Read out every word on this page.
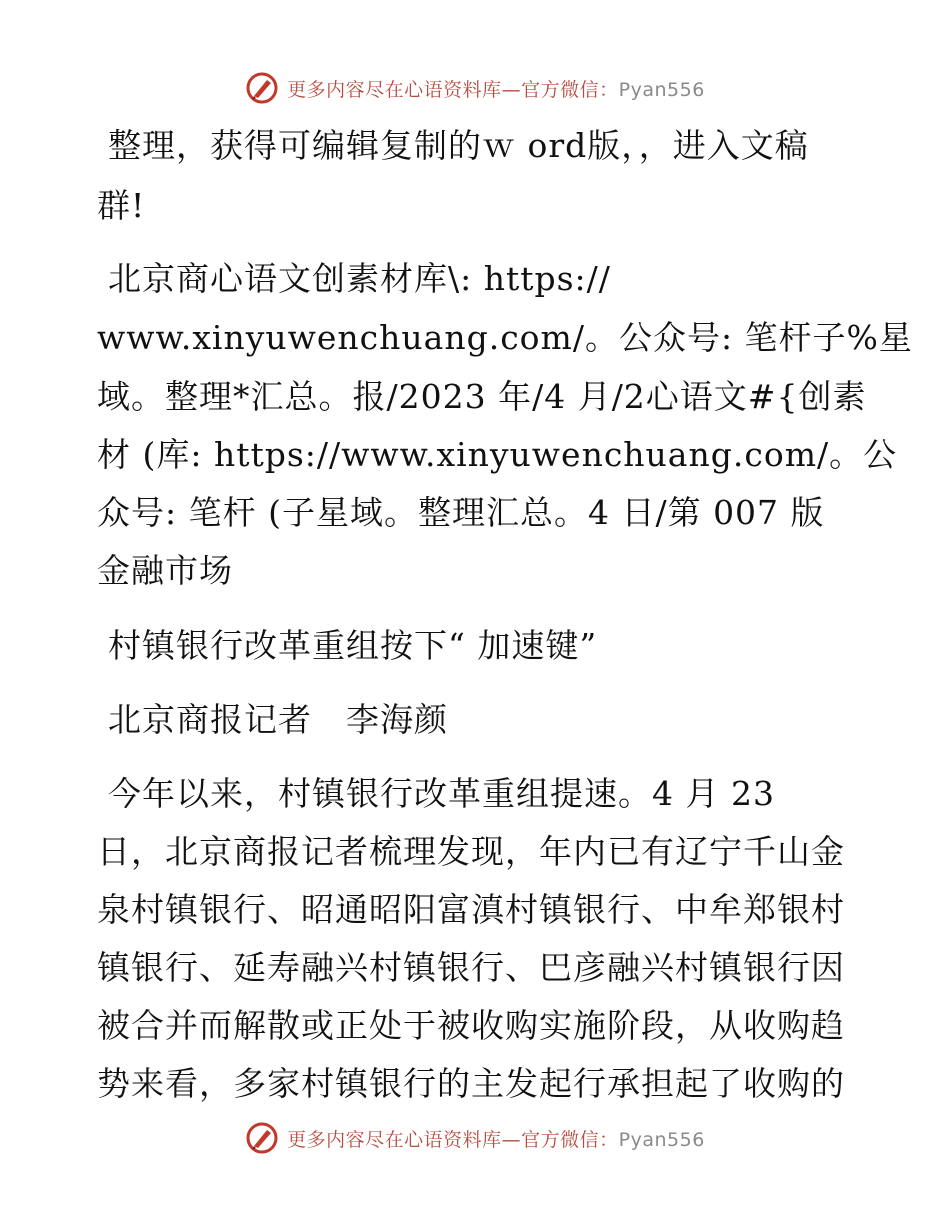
更多内容尽在心语资料库—官方微信：Pyan556
整理，获得可编辑复制的ｗ ord版，，进入文稿
群!
北京商心语文创素材库\: https://
www.xinyuwenchuang.com/。公众号: 笔杆子%星
域。整理*汇总。报/2023 年/4 月/2心语文#{创素
材 (库: https://www.xinyuwenchuang.com/。公
众号: 笔杆 (子星域。整理汇总。4 日/第 007 版
金融市场
村镇银行改革重组按下“ 加速键”
北京商报记者　李海颜
今年以来，村镇银行改革重组提速。4 月 23
日，北京商报记者梳理发现，年内已有辽宁千山金
泉村镇银行、昭通昭阳富滇村镇银行、中牟郑银村
镇银行、延寿融兴村镇银行、巴彦融兴村镇银行因
被合并而解散或正处于被收购实施阶段，从收购趋
势来看，多家村镇银行的主发起行承担起了收购的
更多内容尽在心语资料库—官方微信：Pyan556
